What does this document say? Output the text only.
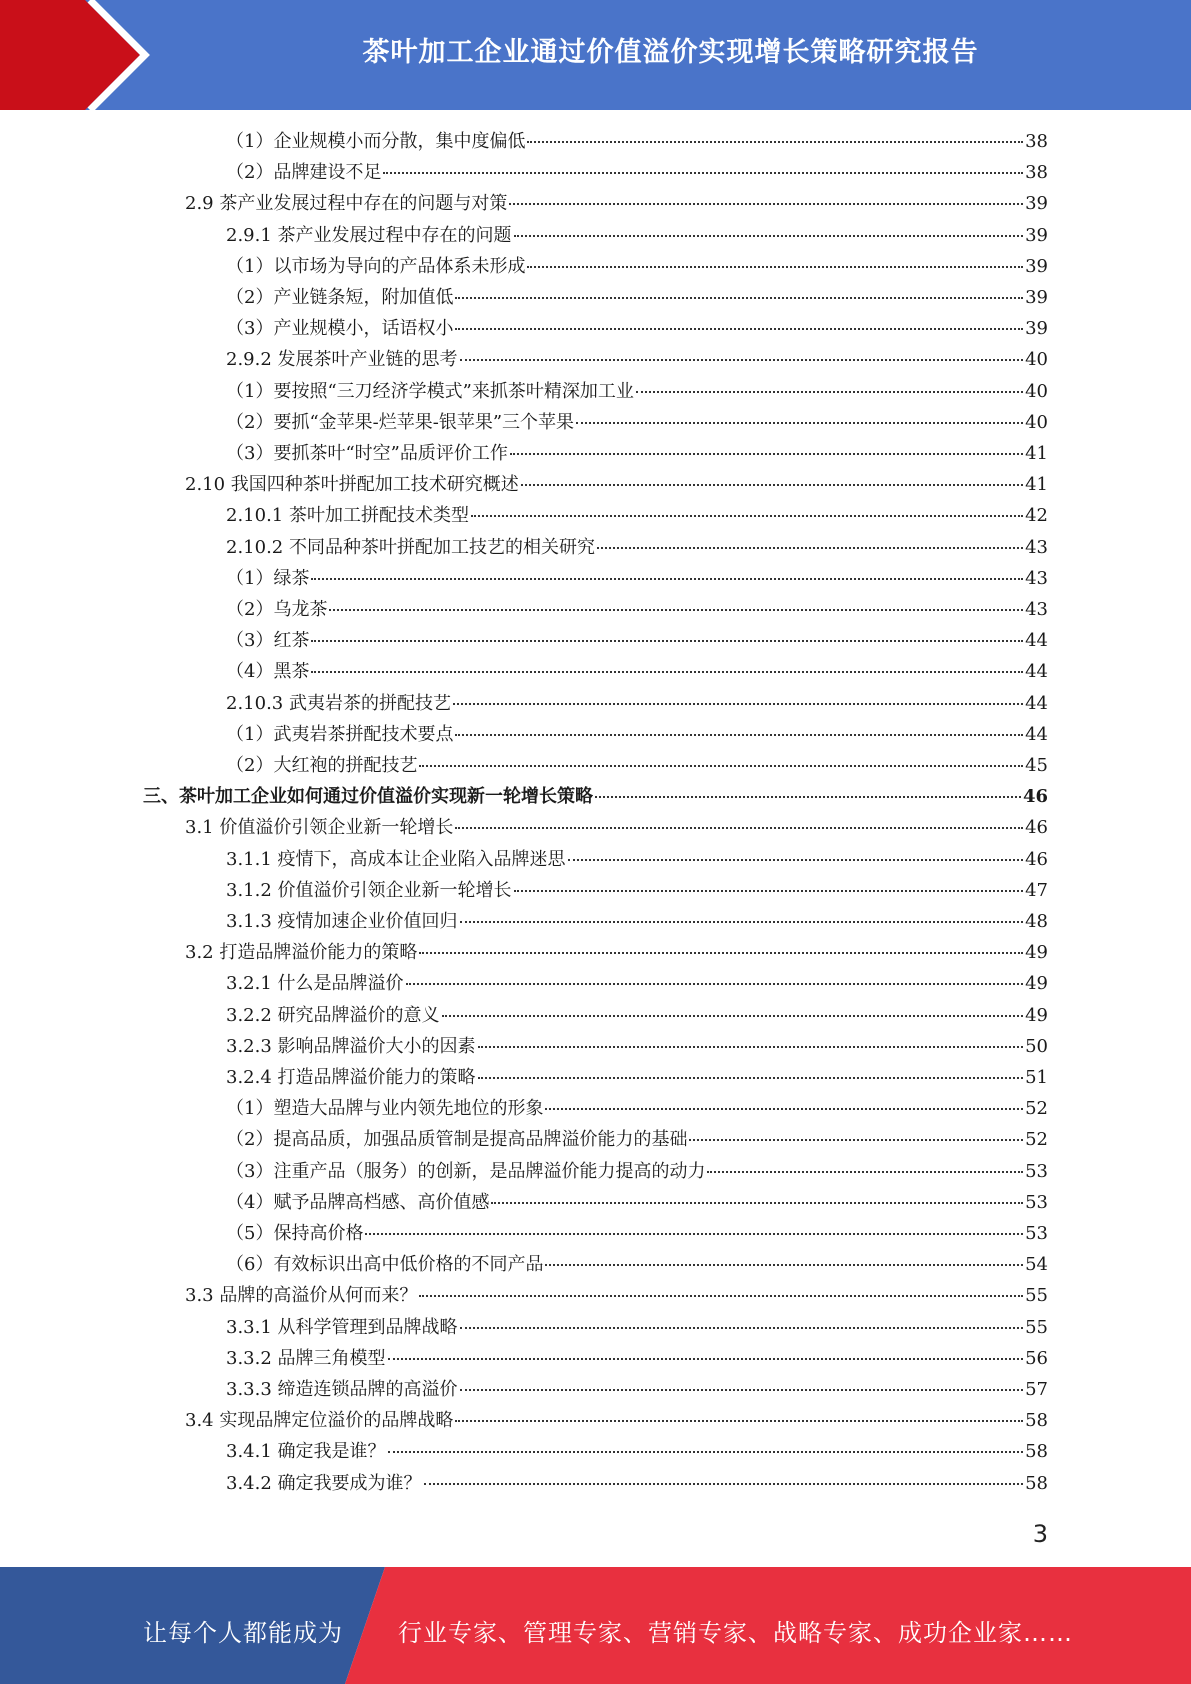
茶叶加工企业通过价值溢价实现增长策略研究报告
（1）企业规模小而分散，集中度偏低	38
（2）品牌建设不足	38
2.9 茶产业发展过程中存在的问题与对策	39
2.9.1 茶产业发展过程中存在的问题	39
（1）以市场为导向的产品体系未形成	39
（2）产业链条短，附加值低	39
（3）产业规模小，话语权小	39
2.9.2 发展茶叶产业链的思考	40
（1）要按照“三刀经济学模式”来抓茶叶精深加工业	40
（2）要抓“金苹果-烂苹果-银苹果”三个苹果	40
（3）要抓茶叶“时空”品质评价工作	41
2.10 我国四种茶叶拼配加工技术研究概述	41
2.10.1 茶叶加工拼配技术类型	42
2.10.2 不同品种茶叶拼配加工技艺的相关研究	43
（1）绿茶	43
（2）乌龙茶	43
（3）红茶	44
（4）黑茶	44
2.10.3 武夷岩茶的拼配技艺	44
（1）武夷岩茶拼配技术要点	44
（2）大红袍的拼配技艺	45
三、茶叶加工企业如何通过价值溢价实现新一轮增长策略	46
3.1 价值溢价引领企业新一轮增长	46
3.1.1 疫情下，高成本让企业陷入品牌迷思	46
3.1.2 价值溢价引领企业新一轮增长	47
3.1.3 疫情加速企业价值回归	48
3.2 打造品牌溢价能力的策略	49
3.2.1 什么是品牌溢价	49
3.2.2 研究品牌溢价的意义	49
3.2.3 影响品牌溢价大小的因素	50
3.2.4 打造品牌溢价能力的策略	51
（1）塑造大品牌与业内领先地位的形象	52
（2）提高品质，加强品质管制是提高品牌溢价能力的基础	52
（3）注重产品（服务）的创新，是品牌溢价能力提高的动力	53
（4）赋予品牌高档感、高价值感	53
（5）保持高价格	53
（6）有效标识出高中低价格的不同产品	54
3.3 品牌的高溢价从何而来？	55
3.3.1 从科学管理到品牌战略	55
3.3.2 品牌三角模型	56
3.3.3 缔造连锁品牌的高溢价	57
3.4 实现品牌定位溢价的品牌战略	58
3.4.1 确定我是谁？	58
3.4.2 确定我要成为谁？	58
3
让每个人都能成为 行业专家、管理专家、营销专家、战略专家、成功企业家……
